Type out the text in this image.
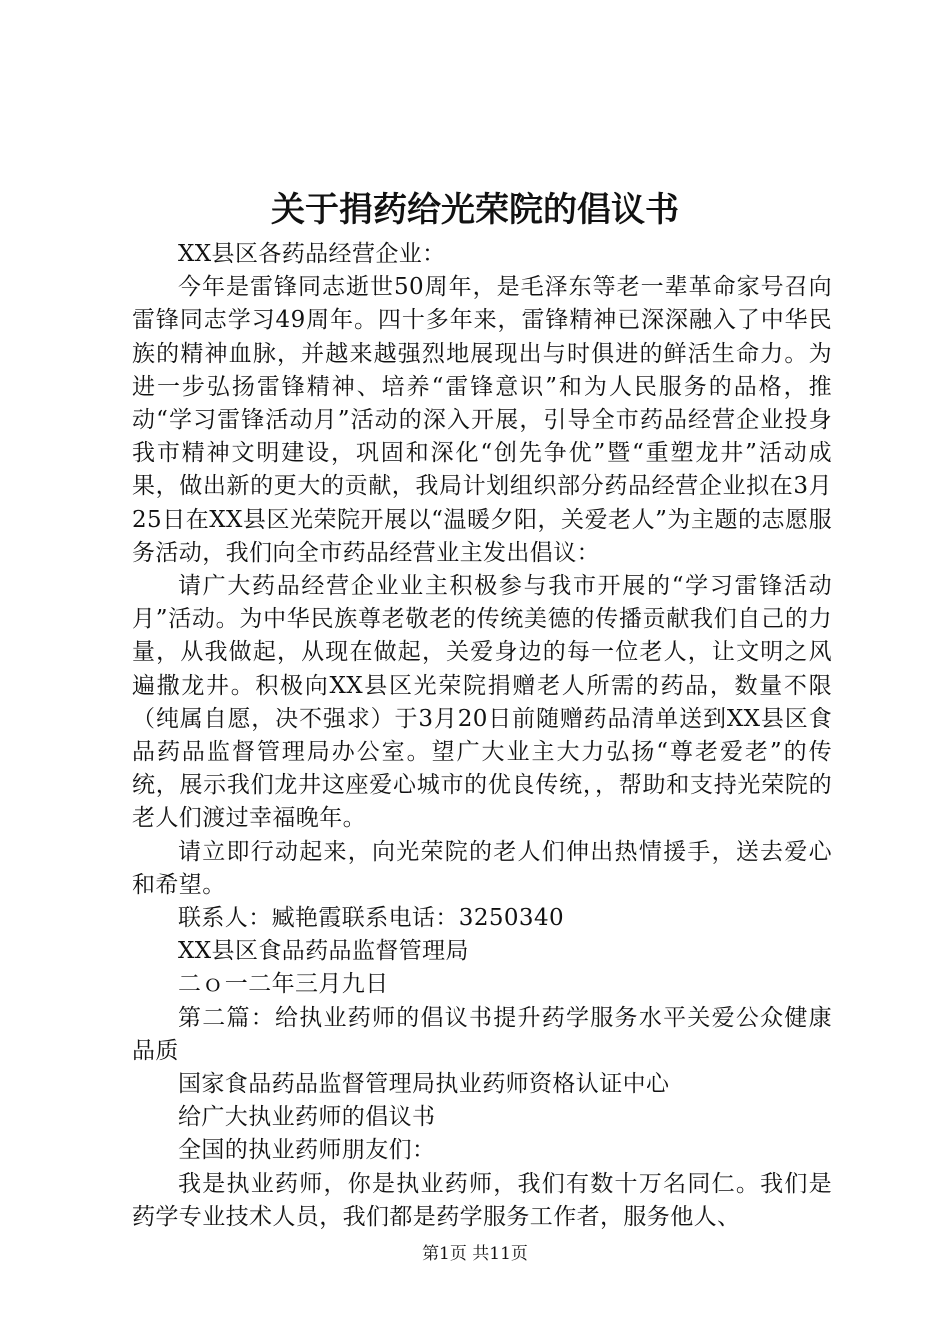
关于捐药给光荣院的倡议书

XX县区各药品经营企业：

今年是雷锋同志逝世50周年，是毛泽东等老一辈革命家号召向雷锋同志学习49周年。四十多年来，雷锋精神已深深融入了中华民族的精神血脉，并越来越强烈地展现出与时俱进的鲜活生命力。为进一步弘扬雷锋精神、培养“雷锋意识”和为人民服务的品格，推动“学习雷锋活动月”活动的深入开展，引导全市药品经营企业投身我市精神文明建设，巩固和深化“创先争优”暨“重塑龙井”活动成果，做出新的更大的贡献，我局计划组织部分药品经营企业拟在3月25日在XX县区光荣院开展以“温暖夕阳，关爱老人”为主题的志愿服务活动，我们向全市药品经营业主发出倡议：

请广大药品经营企业业主积极参与我市开展的“学习雷锋活动月”活动。为中华民族尊老敬老的传统美德的传播贡献我们自己的力量，从我做起，从现在做起，关爱身边的每一位老人，让文明之风遍撒龙井。积极向XX县区光荣院捐赠老人所需的药品，数量不限（纯属自愿，决不强求）于3月20日前随赠药品清单送到XX县区食品药品监督管理局办公室。望广大业主大力弘扬“尊老爱老”的传统，展示我们龙井这座爱心城市的优良传统，，帮助和支持光荣院的老人们渡过幸福晚年。

请立即行动起来，向光荣院的老人们伸出热情援手，送去爱心和希望。

联系人：臧艳霞联系电话：3250340

XX县区食品药品监督管理局

二ｏ一二年三月九日

第二篇：给执业药师的倡议书提升药学服务水平关爱公众健康品质

国家食品药品监督管理局执业药师资格认证中心

给广大执业药师的倡议书

全国的执业药师朋友们：

我是执业药师，你是执业药师，我们有数十万名同仁。我们是药学专业技术人员，我们都是药学服务工作者，服务他人、

第1页 共11页
